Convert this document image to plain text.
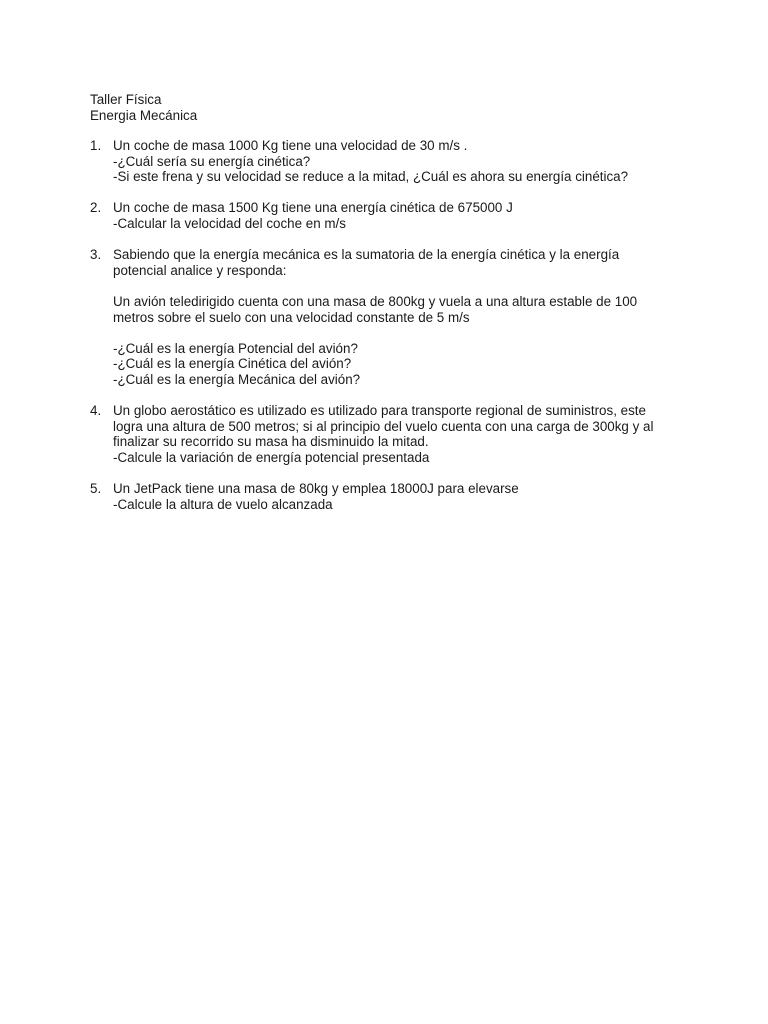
Taller Física
Energia Mecánica
1. Un coche de masa 1000 Kg tiene una velocidad de 30 m/s .
-¿Cuál sería su energía cinética?
-Si este frena y su velocidad se reduce a la mitad, ¿Cuál es ahora su energía cinética?
2. Un coche de masa 1500 Kg tiene una energía cinética de 675000 J
-Calcular la velocidad del coche en m/s
3. Sabiendo que la energía mecánica es la sumatoria de la energía cinética y la energía
potencial analice y responda:
Un avión teledirigido cuenta con una masa de 800kg y vuela a una altura estable de 100
metros sobre el suelo con una velocidad constante de 5 m/s
-¿Cuál es la energía Potencial del avión?
-¿Cuál es la energía Cinética del avión?
-¿Cuál es la energía Mecánica del avión?
4. Un globo aerostático es utilizado es utilizado para transporte regional de suministros, este
logra una altura de 500 metros; si al principio del vuelo cuenta con una carga de 300kg y al
finalizar su recorrido su masa ha disminuido la mitad.
-Calcule la variación de energía potencial presentada
5. Un JetPack tiene una masa de 80kg y emplea 18000J para elevarse
-Calcule la altura de vuelo alcanzada
